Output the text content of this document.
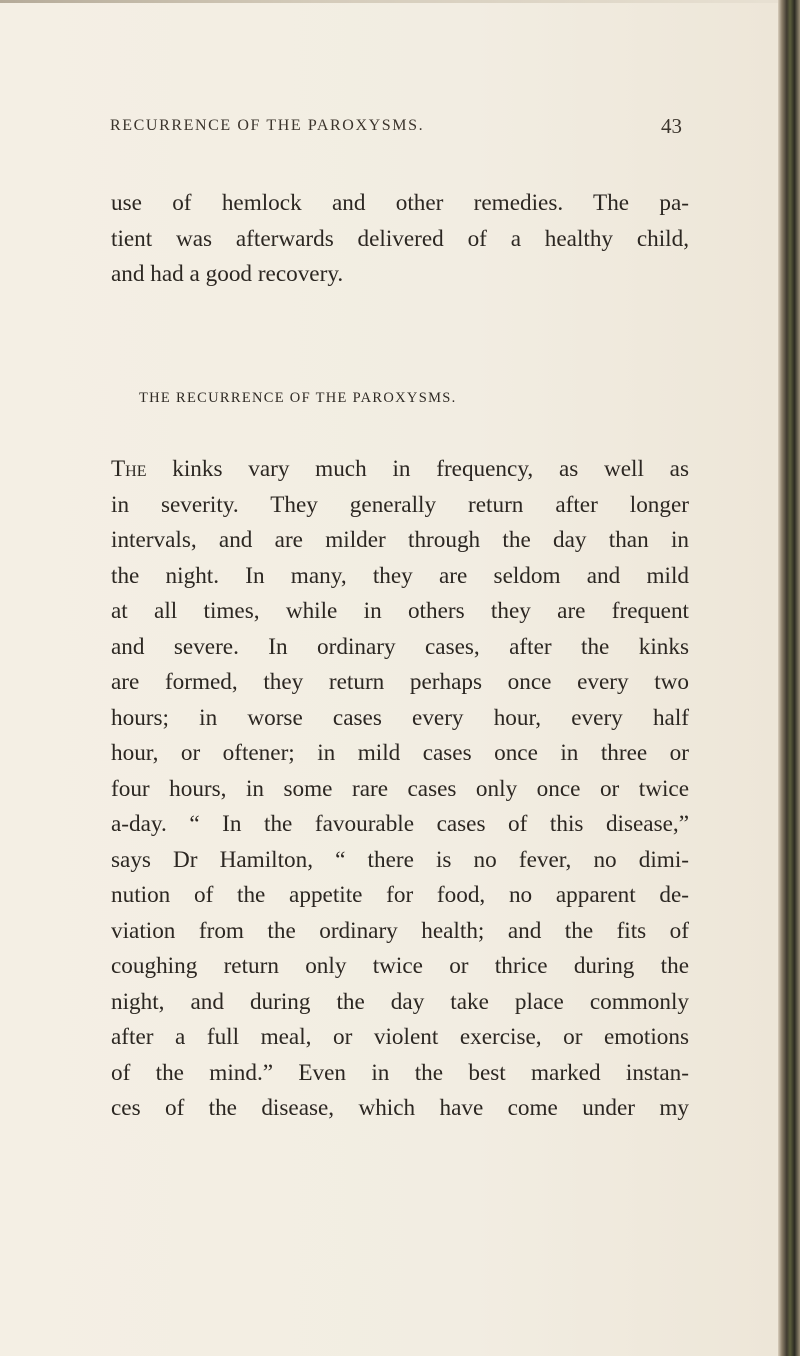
RECURRENCE OF THE PAROXYSMS.	43
use of hemlock and other remedies. The pa-
tient was afterwards delivered of a healthy child,
and had a good recovery.
THE RECURRENCE OF THE PAROXYSMS.
The kinks vary much in frequency, as well as
in severity. They generally return after longer
intervals, and are milder through the day than in
the night. In many, they are seldom and mild
at all times, while in others they are frequent
and severe. In ordinary cases, after the kinks
are formed, they return perhaps once every two
hours; in worse cases every hour, every half
hour, or oftener; in mild cases once in three or
four hours, in some rare cases only once or twice
a-day. “ In the favourable cases of this disease,”
says Dr Hamilton, “ there is no fever, no dimi-
nution of the appetite for food, no apparent de-
viation from the ordinary health; and the fits of
coughing return only twice or thrice during the
night, and during the day take place commonly
after a full meal, or violent exercise, or emotions
of the mind.” Even in the best marked instan-
ces of the disease, which have come under my
